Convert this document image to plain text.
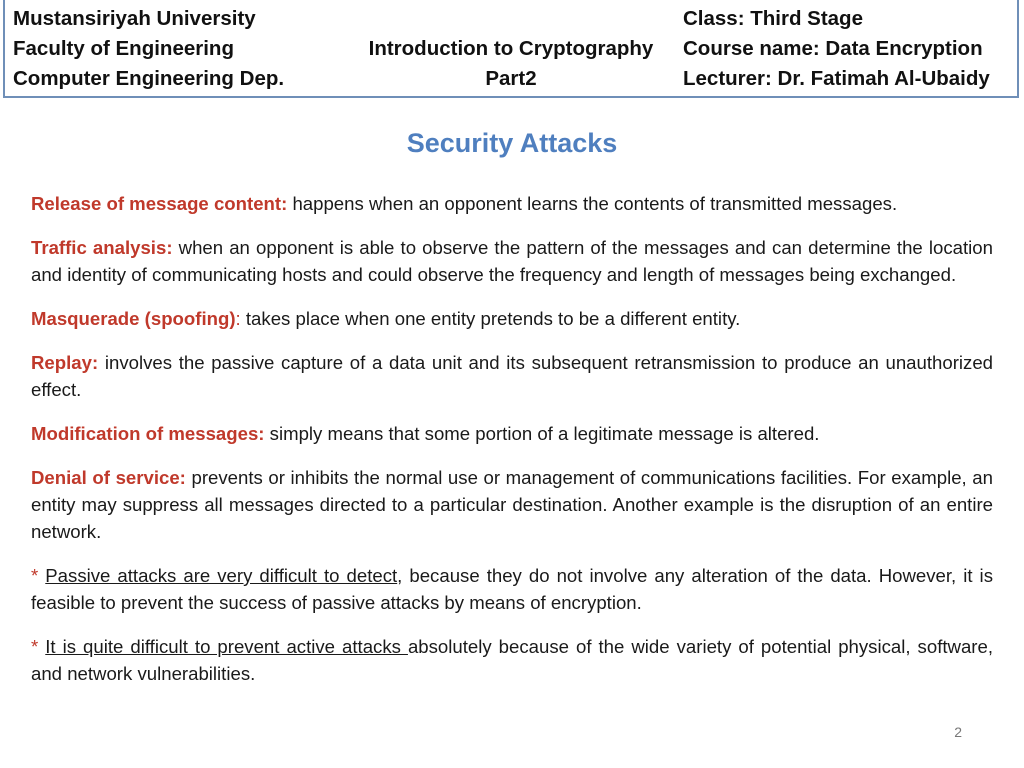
Mustansiriyah University
Faculty of Engineering
Computer Engineering Dep.
Introduction to Cryptography
Part2
Class: Third Stage
Course name: Data Encryption
Lecturer: Dr. Fatimah Al-Ubaidy
Security Attacks

Release of message content: happens when an opponent learns the contents of transmitted messages.

Traffic analysis: when an opponent is able to observe the pattern of the messages and can determine the location and identity of communicating hosts and could observe the frequency and length of messages being exchanged.

Masquerade (spoofing): takes place when one entity pretends to be a different entity.

Replay: involves the passive capture of a data unit and its subsequent retransmission to produce an unauthorized effect.

Modification of messages: simply means that some portion of a legitimate message is altered.

Denial of service: prevents or inhibits the normal use or management of communications facilities. For example, an entity may suppress all messages directed to a particular destination. Another example is the disruption of an entire network.

* Passive attacks are very difficult to detect, because they do not involve any alteration of the data. However, it is feasible to prevent the success of passive attacks by means of encryption.

* It is quite difficult to prevent active attacks absolutely because of the wide variety of potential physical, software, and network vulnerabilities.

2
